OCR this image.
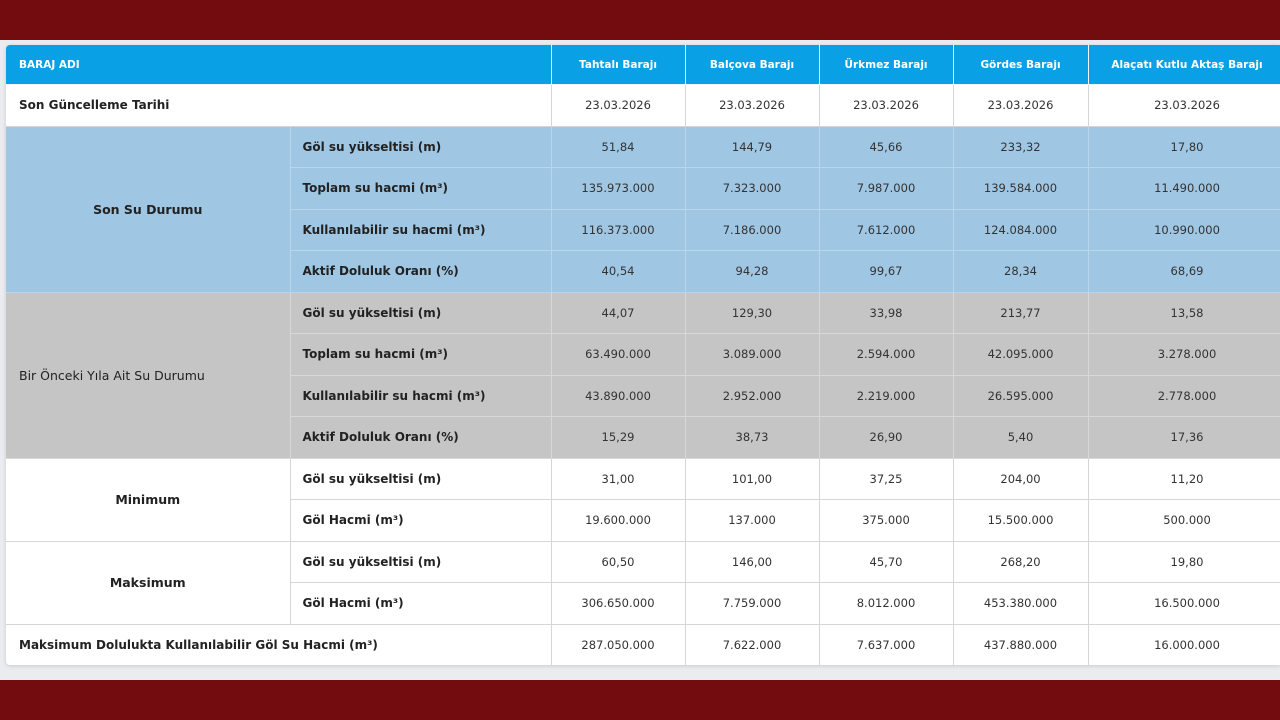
BARAJ ADI		Tahtalı Barajı	Balçova Barajı	Ürkmez Barajı	Gördes Barajı	Alaçatı Kutlu Aktaş Barajı
Son Güncelleme Tarihi		23.03.2026	23.03.2026	23.03.2026	23.03.2026	23.03.2026
Son Su Durumu	Göl su yükseltisi (m)	51,84	144,79	45,66	233,32	17,80
	Toplam su hacmi (m³)	135.973.000	7.323.000	7.987.000	139.584.000	11.490.000
	Kullanılabilir su hacmi (m³)	116.373.000	7.186.000	7.612.000	124.084.000	10.990.000
	Aktif Doluluk Oranı (%)	40,54	94,28	99,67	28,34	68,69
Bir Önceki Yıla Ait Su Durumu	Göl su yükseltisi (m)	44,07	129,30	33,98	213,77	13,58
	Toplam su hacmi (m³)	63.490.000	3.089.000	2.594.000	42.095.000	3.278.000
	Kullanılabilir su hacmi (m³)	43.890.000	2.952.000	2.219.000	26.595.000	2.778.000
	Aktif Doluluk Oranı (%)	15,29	38,73	26,90	5,40	17,36
Minimum	Göl su yükseltisi (m)	31,00	101,00	37,25	204,00	11,20
	Göl Hacmi (m³)	19.600.000	137.000	375.000	15.500.000	500.000
Maksimum	Göl su yükseltisi (m)	60,50	146,00	45,70	268,20	19,80
	Göl Hacmi (m³)	306.650.000	7.759.000	8.012.000	453.380.000	16.500.000
Maksimum Dolulukta Kullanılabilir Göl Su Hacmi (m³)		287.050.000	7.622.000	7.637.000	437.880.000	16.000.000
